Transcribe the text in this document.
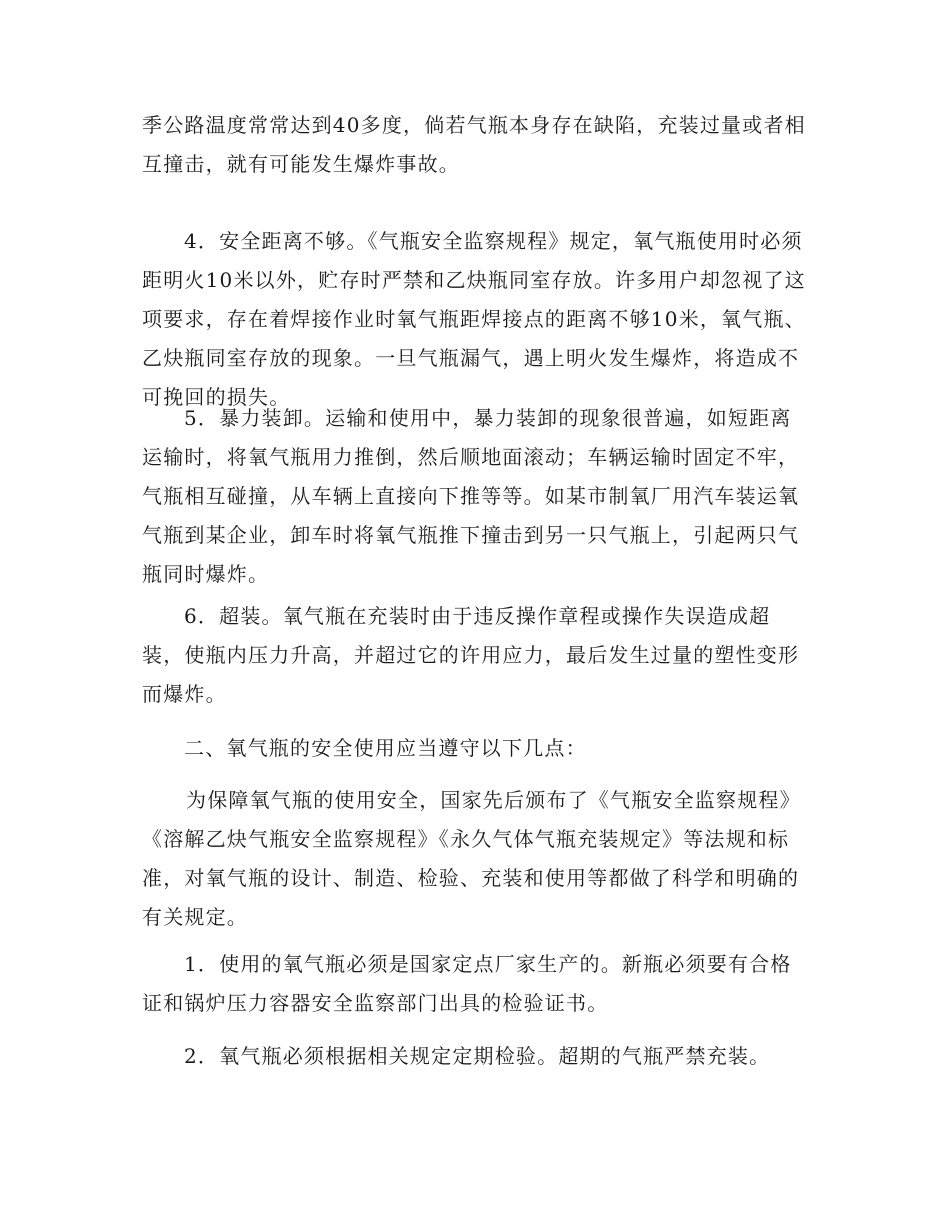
季公路温度常常达到40多度，倘若气瓶本身存在缺陷，充装过量或者相互撞击，就有可能发生爆炸事故。

4．安全距离不够。《气瓶安全监察规程》规定，氧气瓶使用时必须距明火10米以外，贮存时严禁和乙炔瓶同室存放。许多用户却忽视了这项要求，存在着焊接作业时氧气瓶距焊接点的距离不够10米，氧气瓶、乙炔瓶同室存放的现象。一旦气瓶漏气，遇上明火发生爆炸，将造成不可挽回的损失。

5．暴力装卸。运输和使用中，暴力装卸的现象很普遍，如短距离运输时，将氧气瓶用力推倒，然后顺地面滚动；车辆运输时固定不牢，气瓶相互碰撞，从车辆上直接向下推等等。如某市制氧厂用汽车装运氧气瓶到某企业，卸车时将氧气瓶推下撞击到另一只气瓶上，引起两只气瓶同时爆炸。

6．超装。氧气瓶在充装时由于违反操作章程或操作失误造成超装，使瓶内压力升高，并超过它的许用应力，最后发生过量的塑性变形而爆炸。

二、氧气瓶的安全使用应当遵守以下几点：

为保障氧气瓶的使用安全，国家先后颁布了《气瓶安全监察规程》《溶解乙炔气瓶安全监察规程》《永久气体气瓶充装规定》等法规和标准，对氧气瓶的设计、制造、检验、充装和使用等都做了科学和明确的有关规定。

1．使用的氧气瓶必须是国家定点厂家生产的。新瓶必须要有合格证和锅炉压力容器安全监察部门出具的检验证书。

2．氧气瓶必须根据相关规定定期检验。超期的气瓶严禁充装。
